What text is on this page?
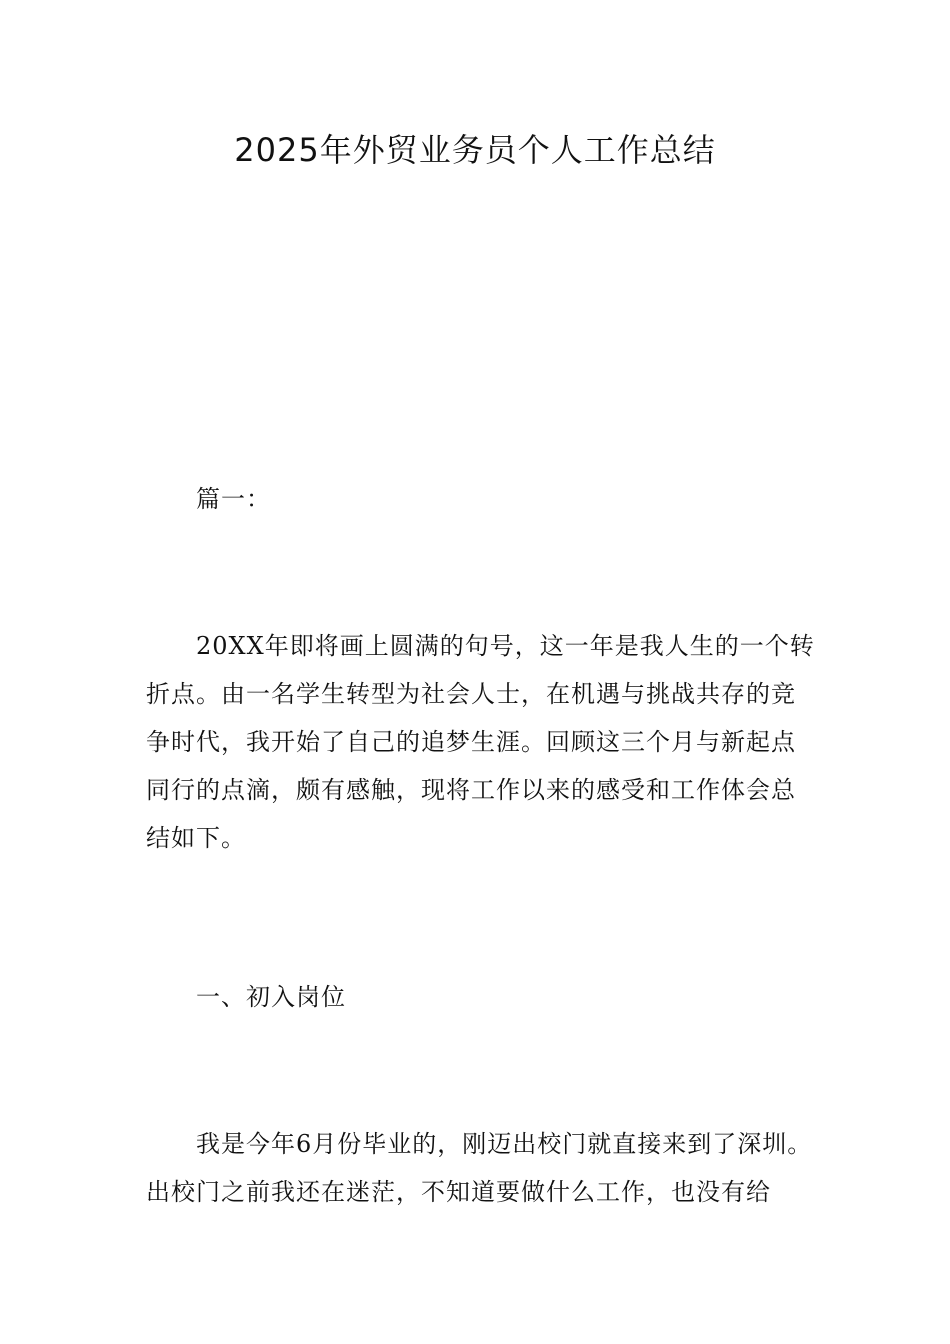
2025年外贸业务员个人工作总结
篇一：

20XX年即将画上圆满的句号，这一年是我人生的一个转折点。由一名学生转型为社会人士，在机遇与挑战共存的竞争时代，我开始了自己的追梦生涯。回顾这三个月与新起点同行的点滴，颇有感触，现将工作以来的感受和工作体会总结如下。

一、初入岗位

我是今年6月份毕业的，刚迈出校门就直接来到了深圳。出校门之前我还在迷茫，不知道要做什么工作，也没有给
